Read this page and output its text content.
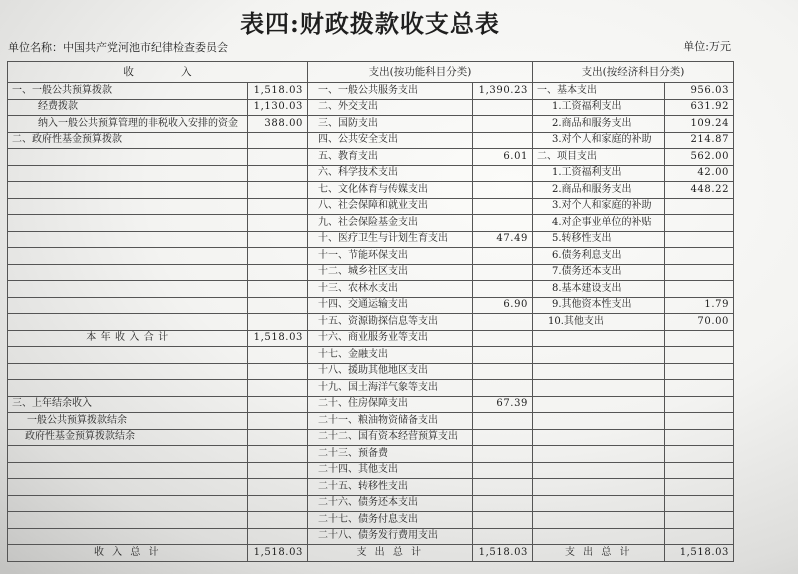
表四:财政拨款收支总表
单位名称：中国共产党河池市纪律检查委员会	单位:万元
收 入		支出(按功能科目分类)		支出(按经济科目分类)	
一、一般公共预算拨款	1,518.03	一、一般公共服务支出	1,390.23	一、基本支出	956.03
经费拨款	1,130.03	二、外交支出		1.工资福利支出	631.92
纳入一般公共预算管理的非税收入安排的资金	388.00	三、国防支出		2.商品和服务支出	109.24
二、政府性基金预算拨款		四、公共安全支出		3.对个人和家庭的补助	214.87
		五、教育支出	6.01	二、项目支出	562.00
		六、科学技术支出		1.工资福利支出	42.00
		七、文化体育与传媒支出		2.商品和服务支出	448.22
		八、社会保障和就业支出		3.对个人和家庭的补助	
		九、社会保险基金支出		4.对企事业单位的补贴	
		十、医疗卫生与计划生育支出	47.49	5.转移性支出	
		十一、节能环保支出		6.债务利息支出	
		十二、城乡社区支出		7.债务还本支出	
		十三、农林水支出		8.基本建设支出	
		十四、交通运输支出	6.90	9.其他资本性支出	1.79
		十五、资源勘探信息等支出		10.其他支出	70.00
本 年 收 入 合 计	1,518.03	十六、商业服务业等支出			
		十七、金融支出			
		十八、援助其他地区支出			
		十九、国土海洋气象等支出			
三、上年结余收入		二十、住房保障支出	67.39		
一般公共预算拨款结余		二十一、粮油物资储备支出			
政府性基金预算拨款结余		二十二、国有资本经营预算支出			
		二十三、预备费			
		二十四、其他支出			
		二十五、转移性支出			
		二十六、债务还本支出			
		二十七、债务付息支出			
		二十八、债务发行费用支出			
收 入 总 计	1,518.03	支 出 总 计	1,518.03	支 出 总 计	1,518.03
